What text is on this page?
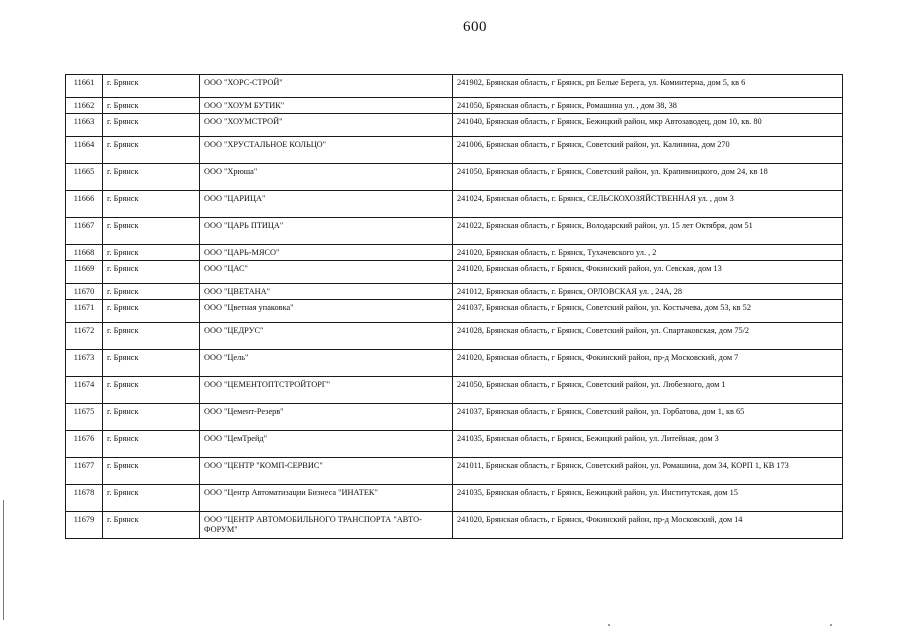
600
11661	г. Брянск	ООО "ХОРС-СТРОЙ"	241902, Брянская область, г Брянск, рп Белые Берега, ул. Коминтерна, дом 5, кв 6
11662	г. Брянск	ООО "ХОУМ БУТИК"	241050, Брянская область, г Брянск, Ромашина ул. , дом 38, 38
11663	г. Брянск	ООО "ХОУМСТРОЙ"	241040, Брянская область, г Брянск, Бежицкий район, мкр Автозаводец, дом 10, кв. 80
11664	г. Брянск	ООО "ХРУСТАЛЬНОЕ КОЛЬЦО"	241006, Брянская область, г Брянск, Советский район, ул. Калинина, дом 270
11665	г. Брянск	ООО "Хрюша"	241050, Брянская область, г Брянск, Советский район, ул. Крапивницкого, дом 24, кв 18
11666	г. Брянск	ООО "ЦАРИЦА"	241024, Брянская область, г. Брянск, СЕЛЬСКОХОЗЯЙСТВЕННАЯ ул. , дом 3
11667	г. Брянск	ООО "ЦАРЬ ПТИЦА"	241022, Брянская область, г Брянск, Володарский район, ул. 15 лет Октября, дом 51
11668	г. Брянск	ООО "ЦАРЬ-МЯСО"	241020, Брянская область, г. Брянск, Тухачевского ул. , 2
11669	г. Брянск	ООО "ЦАС"	241020, Брянская область, г Брянск, Фокинский район, ул. Севская, дом 13
11670	г. Брянск	ООО "ЦВЕТАНА"	241012, Брянская область, г. Брянск, ОРЛОВСКАЯ ул. , 24А, 28
11671	г. Брянск	ООО "Цветная упаковка"	241037, Брянская область, г Брянск, Советский район, ул. Костычева, дом 53, кв 52
11672	г. Брянск	ООО "ЦЕДРУС"	241028, Брянская область, г Брянск, Советский район, ул. Спартаковская, дом 75/2
11673	г. Брянск	ООО "Цель"	241020, Брянская область, г Брянск, Фокинский район, пр-д Московский, дом 7
11674	г. Брянск	ООО "ЦЕМЕНТОПТСТРОЙТОРГ"	241050, Брянская область, г Брянск, Советский район, ул. Любезного, дом 1
11675	г. Брянск	ООО "Цемент-Резерв"	241037, Брянская область, г Брянск, Советский район, ул. Горбатова, дом 1, кв 65
11676	г. Брянск	ООО "ЦемТрейд"	241035, Брянская область, г Брянск, Бежицкий район, ул. Литейная, дом 3
11677	г. Брянск	ООО "ЦЕНТР "КОМП-СЕРВИС"	241011, Брянская область, г Брянск, Советский район, ул. Ромашина, дом 34, КОРП 1, КВ 173
11678	г. Брянск	ООО "Центр Автоматизации Бизнеса "ИНАТЕК"	241035, Брянская область, г Брянск, Бежицкий район, ул. Институтская, дом 15
11679	г. Брянск	ООО "ЦЕНТР АВТОМОБИЛЬНОГО ТРАНСПОРТА "АВТО-ФОРУМ"	241020, Брянская область, г Брянск, Фокинский район, пр-д Московский, дом 14
